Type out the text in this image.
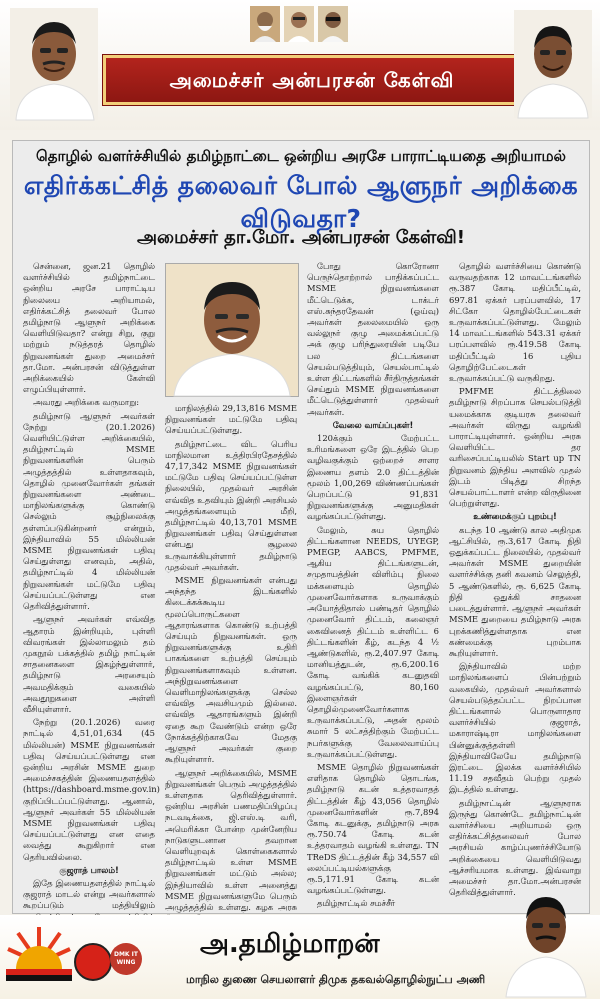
அமைச்சர் அன்பரசன் கேள்வி
தொழில் வளர்ச்சியில் தமிழ்நாட்டை ஒன்றிய அரசே பாராட்டியதை அறியாமல்
எதிர்க்கட்சித் தலைவர் போல் ஆளுநர் அறிக்கை விடுவதா?
அமைச்சர் தா.மோ. அன்பரசன் கேள்வி!

சென்னை, ஜன.21 தொழில் வளர்ச்சியில் தமிழ்நாட்டை ஒன்றிய அரசே பாராட்டிய நிலையை அறியாமல், எதிர்க்கட்சித் தலைவர் போல தமிழ்நாடு ஆளுநர் அறிக்கை வெளியிடுவதா? என்று சிறு, குறு மற்றும் நடுத்தரத் தொழில் நிறுவனங்கள் துறை அமைச்சர் தா.மோ. அன்பரசன் விடுத்துள்ள அறிக்கையில் கேள்வி எழுப்பியுள்ளார்.

அவரது அறிக்கை வருமாறு:

தமிழ்நாடு ஆளுநர் அவர்கள் நேற்று (20.1.2026) வெளியிட்டுள்ள அறிக்கையில், தமிழ்நாட்டில் MSME நிறுவனங்களின் பெரும் அழுத்தத்தில் உள்ளதாகவும், தொழில் முனைவோர்கள் தங்கள் நிறுவனங்களை அண்டை மாநிலங்களுக்கு கொண்டு செல்லும் சூழ்நிலைக்கு தள்ளப்படுகின்றனர் என்றும், இந்தியாவில் 55 மில்லியன் MSME நிறுவனங்கள் பதிவு செய்துள்ளது எனவும், அதில், தமிழ்நாட்டில் 4 மில்லியன் நிறுவனங்கள் மட்டுமே பதிவு செய்யப்பட்டுள்ளது என தெரிவித்துள்ளார்.

ஆளுநர் அவர்கள் எவ்வித ஆதாரம் இன்றியும், புள்ளி விவரங்கள் இல்லாமலும் தம் முகநூல் பக்கத்தில் தமிழ் நாட்டின் சாதனைகளை இகழ்ந்துள்ளார், தமிழ்நாடு அரசையும் அவமதிக்கும் வகையில் அவதூறுகளை அள்ளி வீசியுள்ளார்.

நேற்று (20.1.2026) வரை நாட்டில் 4,51,01,634 (45 மில்லியன்) MSME நிறுவனங்கள் பதிவு செய்யப்பட்டுள்ளது என ஒன்றிய அரசின் MSME துறை அமைச்சகத்தின் இணையதளத்தில் (https://dashboard.msme.gov.in) குறிப்பிடப்பட்டுள்ளது. ஆனால், ஆளுநர் அவர்கள் 55 மில்லியன் MSME நிறுவனங்கள் பதிவு செய்யப்பட்டுள்ளது என எதை வைத்து கூறுகிறார் என தெரியவில்லை.

குஜராத் பாலம்!

இதே இணையதளத்தில் நாட்டில் குஜராத் மாடல் என்று அவர்களால் கூறப்படும் மத்தியிலும்

மாநிலத்தில் 29,13,816 MSME நிறுவனங்கள் மட்டுமே பதிவு செய்யப்பட்டுள்ளது.

தமிழ்நாட்டை விட பெரிய மாநிலமான உத்திரபிரதேசத்தில் 47,17,342 MSME நிறுவனங்கள் மட்டுமே பதிவு செய்யப்பட்டுள்ள நிலையில், முதல்வர் அரசின் எவ்வித உதவியும் இன்றி அரசியல் அழுத்தங்களையும் மீறி, தமிழ்நாட்டில் 40,13,701 MSME நிறுவனங்கள் பதிவு செய்துள்ளன என்பது சூழலை உருவாக்கியுள்ளார் தமிழ்நாடு முதல்வர் அவர்கள்.

MSME நிறுவனங்கள் என்பது அந்தந்த இடங்களில் கிடைக்கக்கூடிய மூலப்பொருட்களை ஆதாரங்களாக கொண்டு உற்பத்தி செய்யும் நிறுவனங்கள். ஒரு நிறுவனங்களுக்கு உதிரி பாகங்களை உற்பத்தி செய்யும் நிறுவனங்களாகவும் உள்ளன. அந்நிறுவனங்களை வெளிமாநிலங்களுக்கு செல்ல எவ்வித அவசியமும் இல்லை. எவ்வித ஆதாரங்களும் இன்றி ஏதை கூற வேண்டும் என்ற ஒரே நோக்கத்திற்காகவே மேதகு ஆளுநர் அவர்கள் குறை கூறியுள்ளார்.

ஆளுநர் அறிக்கையில், MSME நிறுவனங்கள் பெரும் அழுத்தத்தில் உள்ளதாக தெரிவித்துள்ளார். ஒன்றிய அரசின் பணமதிப்பிழப்பு நடவடிக்கை, ஜி.எஸ்.டி வரி, அமெரிக்கா போன்ற முன்னேறிய நாடுகளுடனான தவறான வெளியுறவுக் கொள்கைகளால் தமிழ்நாட்டில் உள்ள MSME நிறுவனங்கள் மட்டும் அல்ல; இந்தியாவில் உள்ள அனைத்து MSME நிறுவனங்களுமே பெரும் அழுத்தத்தில் உள்ளது. கழக அரசு

போது கொரோனா பெருந்தொற்றால் பாதிக்கப்பட்ட MSME நிறுவனங்களை மீட்டெடுக்க, டாக்டர் எஸ்.சுந்தரதேவன் (ஓய்வு) அவர்கள் தலைமையில் ஒரு வல்லுநர் குழு அமைக்கப்பட்டு அக் குழு பரிந்துரையின் படியே பல திட்டங்களை செயல்படுத்தியும், செயல்பாட்டில் உள்ள திட்டங்களில் சீர்திருத்தங்கள் செய்தும் MSME நிறுவனங்களை மீட்டெடுத்துள்ளார் முதல்வர் அவர்கள்.

வேலை வாய்ப்புகள்!

120க்கும் மேற்பட்ட உரிமங்களை ஒரே இடத்தில் பெற வழிவகுக்கும் ஒற்றைச் சாளர இணைய தளம் 2.0 திட்டத்தின் மூலம் 1,00,269 விண்ணப்பங்கள் பெறப்பட்டு 91,831 நிறுவனங்களுக்கு அனுமதிகள் வழங்கப்பட்டுள்ளது.

மேலும், சுய தொழில் திட்டங்களான NEEDS, UYEGP, PMEGP, AABCS, PMFME, ஆகிய திட்டங்களுடன், சமுதாயத்தின் விளிம்பு நிலை மக்களையும் தொழில் முனைவோர்களாக உருவாக்கும் அயோத்திதாஸ் பண்டிதர் தொழில் முனைவோர் திட்டம், கலைஞர் கைவினைத் திட்டம் உள்ளிட்ட 6 திட்டங்களின் கீழ், கடந்த 4 ½ ஆண்டுகளில், ரூ.2,407.97 கோடி மானியத்துடன், ரூ.6,200.16 கோடி வங்கிக் கடனுதவி வழங்கப்பட்டு, 80,160 இளைஞர்கள் தொழில்முனைவோர்களாக உருவாக்கப்பட்டு, அதன் மூலம் சுமார் 5 லட்சத்திற்கும் மேற்பட்ட நபர்களுக்கு வேலைவாய்ப்பு உருவாக்கப்பட்டுள்ளது.

MSME தொழில் நிறுவனங்கள் எளிதாக தொழில் தொடங்க, தமிழ்நாடு கடன் உத்தரவாதத் திட்டத்தின் கீழ் 43,056 தொழில் முனைவோர்களின் ரூ.7,894 கோடி கடனுக்கு, தமிழ்நாடு அரசு ரூ.750.74 கோடி கடன் உத்தரவாதம் வழங்கி உள்ளது. TN TReDS திட்டத்தின் கீழ் 34,557 வி லைப்பட்டியல்களுக்கு ரூ.5,171.91 கோடி கடன் வழங்கப்பட்டுள்ளது.

தமிழ்நாட்டில் சமச்சீர்

தொழில் வளர்ச்சியை கொண்டு வருவதற்காக 12 மாவட்டங்களில் ரூ.387 கோடி மதிப்பீட்டில், 697.81 ஏக்கர் பரப்பளவில், 17 சிட்கோ தொழில்பேட்டைகள் உருவாக்கப்பட்டுள்ளது. மேலும் 14 மாவட்டங்களில் 543.31 ஏக்கர் பரப்பளவில் ரூ.419.58 கோடி மதிப்பீட்டில் 16 புதிய தொழிற்பேட்டைகள் உருவாக்கப்பட்டு வருகிறது.

PMFME திட்டத்திலை தமிழ்நாடு சிறப்பாக செயல்படுத்தி யமைக்காக குடியரசு தலைவர் அவர்கள் விருது வழங்கி பாராட்டியுள்ளார். ஒன்றிய அரசு வெளியிட்ட தர வரிசைப்பட்டியலில் Start up TN நிறுவனம் இந்திய அளவில் முதல் இடம் பிடித்து சிறந்த செயல்பாட்டாளர் என்ற விருதினை பெற்றுள்ளது.

உண்மைக்குப் புறம்பு!

கடந்த 10 ஆண்டு கால அதிமுக ஆட்சியில், ரூ.3,617 கோடி நிதி ஒதுக்கப்பட்ட நிலையில், முதல்வர் அவர்கள் MSME துறையின் வளர்ச்சிக்கு தனி கவனம் செலுத்தி, 5 ஆண்டுகளில், ரூ. 6,625 கோடி நிதி ஒதுக்கி சாதனை படைத்துள்ளார். ஆளுநர் அவர்கள் MSME துறையை தமிழ்நாடு அரசு புறக்கணித்துள்ளதாக என கண்மைக்கு புறம்பாக கூறியுள்ளார்.

இந்தியாவில் மற்ற மாநிலங்களைப் பின்பற்றும் வகையில், முதல்வர் அவர்களால் செயல்படுத்தப்பட்ட நிறப்பான திட்டங்களால் பொருளாதார வளர்ச்சியில் குஜராத், மகாராஷ்டிரா மாநிலங்களை பின்னுக்குத்தள்ளி இந்தியாவிலேயே தமிழ்நாடு இரட்டை இலக்க வளர்ச்சியில் 11.19 சதவீதம் பெற்று முதல் இடத்தில் உள்ளது.

தமிழ்நாட்டின் ஆளுநராக இருந்து கொண்டே தமிழ்நாட்டின் வளர்ச்சியை அறியாமல் ஒரு எதிர்க்கட்சித்தலைவர் போல அரசியல் காழ்ப்புணர்ச்சியோடு அறிக்கையை வெளியிடுவது ஆச்சரியமாக உள்ளது. இவ்வாறு அமைச்சர் தா.மோ.அன்பரசன் தெரிவித்துள்ளார்.

DMK IT WING
அ.தமிழ்மாறன்
மாநில துணை செயலாளர் திமுக தகவல்தொழில்நுட்ப அணி
